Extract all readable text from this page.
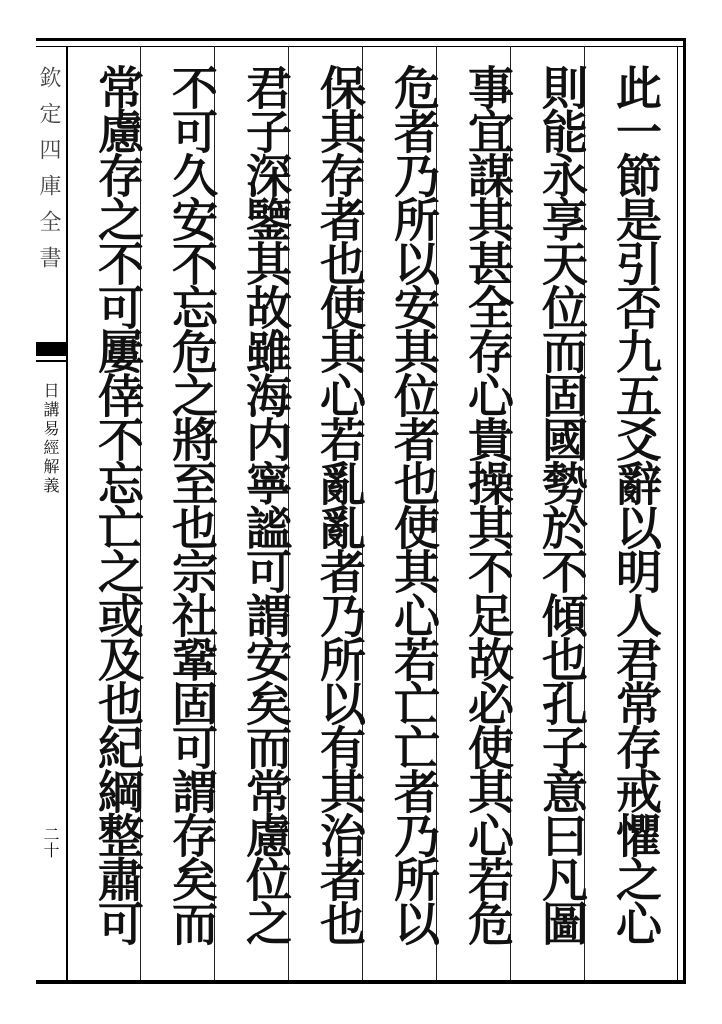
欽定四庫全書
日講易經解義
二十	此一節是引否九五爻辭以明人君常存戒懼之心
則能永享天位而固國勢於不傾也孔子意曰凡圖
事宜謀其甚全存心貴操其不足故必使其心若危
危者乃所以安其位者也使其心若亡亡者乃所以
保其存者也使其心若亂亂者乃所以有其治者也
君子深鑒其故雖海内寧謐可謂安矣而常慮位之
不可久安不忘危之將至也宗社鞏固可謂存矣而
常慮存之不可屢倖不忘亡之或及也紀綱整肅可
